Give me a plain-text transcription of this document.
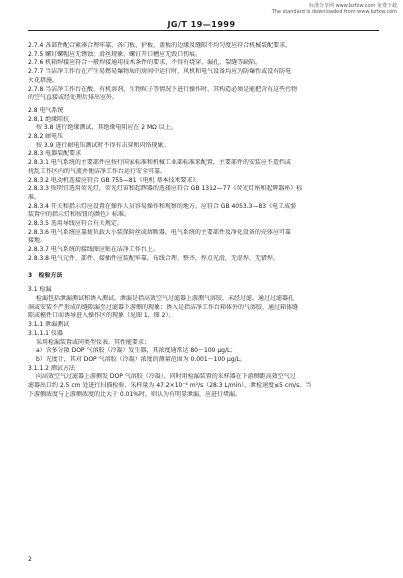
标准分享网 www.bzfxw.com 免费下载
The standard is downloaded from www.bzfxw.com
JG/T 19—1999

2.7.4 各部件配合紧凑合理牢靠，各门板、护板、盖板的边缘及缝隙不均匀度应符合机械装配要求。

2.7.5 螺钉螺帽应无锈蚀、滑丝现象，螺钉开口槽应无毁口伤痕。

2.7.6 机箱焊接应符合一般焊接通用技术条件的要求，不得有烧穿、漏孔、裂缝等缺陷。

2.7.7 当洁净工作台在产生易燃易爆物质的房间中运行时，风机和电气设备均应为防爆性或设有防电

火花措施。

2.7.8 当洁净工作台在酸、有机溶剂、生物粒子等情况下进行操作时，其构造必须是能把含有这些污物

的空气直接或经处理后排出室外。

2.8 电气系统

2.8.1 绝缘阻抗

按 3.8 进行绝缘测试，其绝缘电阻应在 2 MΩ 以上。

2.8.2 耐电压

按 3.9 进行耐电压测试时不得有击穿和闪络现象。

2.8.3 电器装配要求

2.8.3.1 电气系统的主要部件应按行国家标准和机械工业部标准来配置，主要部件的安装应不造挡或

扰乱工作区内的气流并便洁净工作台运行安全可靠。

2.8.3.2 电动机连接应符合 GB 755—81《电机 基本技术要求》。

2.8.3.3 照明宜选用荧光灯，荧光灯宙和起辉器的选择应符合 GB 1312—77《荧光灯座和起辉器座》标

准。

2.8.3.4 开关和指示灯应设置在操作人员容易操作和观察的地方。应符合 GB 4053.3—83《电工成套

装置中的指示灯和按钮的颜色》标准。

2.8.3.5 选用导线应符合有关规定。

2.8.3.6 电气系统应靠拢负载大小装保险丝或熔断器，电气系统的主要部件及净化设备的壳体应可靠

接地。

2.8.3.7 电气系统的接线图应贴在洁净工作台上。

2.8.3.8 电气元件、部件、接插件应装配牢靠，布线合理、整齐，焊点光滑，无虚焊、无错焊。

3 检验方法

3.1 检漏

检漏包括泄漏测试和诱入测试。泄漏是指高效空气过滤器上游测气溶胶，未经过滤，通过过滤器孔

洞或安装不严形成的缝隙漏至过滤器下游侧的现象；诱入是指洁净工作台箱体外的气溶胶，通过箱体缝

隙或模件口而诱导进入操作区的现象（见图 1，图 2）。

3.1.1 泄漏测试

3.1.1.1 仪器

采用检漏装置或同类型仪表。其性能要求：

a）含多分散 DOP 气溶胶（冷凝）发生器，其浓度通常达 80～100 μg/L；

b）光度计，其对 DOP 气溶胶（冷凝）浓度的测量范围为 0.001～100 μg/L。

3.1.1.2 测试方法

向高效空气过滤器上游侧发 DOP 气溶胶（冷凝），同时用检漏装置的采样器在下游侧距高效空气过

滤器出口约 2.5 cm 处进行扫描检验，采样量为 47.2×10⁻⁶ m³/s（28.3 L/min），泄检速度≤5 cm/s。当

下游侧浓度与上游侧浓度的比大于 0.01%时，则认为有明显泄漏，应进行堵漏。

2
